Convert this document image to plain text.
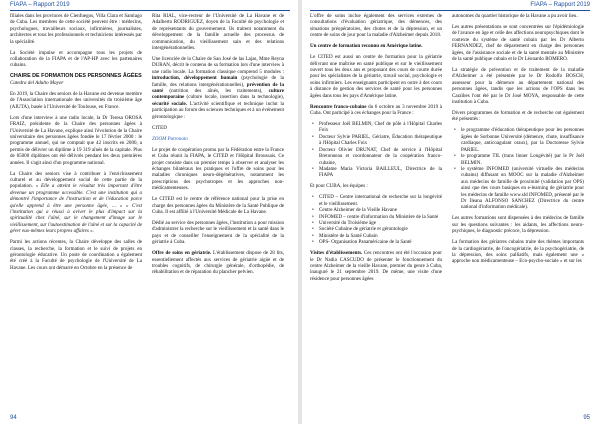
FIAPA – Rapport 2019

filiales dans les provinces de Cienfuegos, Villa Clara et Santiago de Cuba. Les membres de cette société peuvent être : médecins, psychologues, travailleurs sociaux, infirmières, journalistes, architectes et tous les professionnels et techniciens intéressés par la spécialité.

La Société impulse et accompagne tous les projets de collaboration de la FIAPA et de l'AP-HP avec les partenaires cubains.

CHAIRE DE FORMATION DES PERSONNES ÂGÉES
Catedra del Adulto Mayor

En 2019, la Chaire des seniors de la Havane est devenue membre de l'Association internationale des universités du troisième âge (AIUTA), basée à l'Université de Toulouse, en France.

Lors d'une interview à une radio locale, la Dr Teresa OROSA FRAIZ, présidente de la Chaire des personnes âgées à l'Université de La Havane, explique ainsi l'évolution de la Chaire universitaire des personnes âgées fondée le 17 février 2000 : le programme annuel, qui ne comptait que 42 inscrits en 2000, a permis de délivrer un diplôme à 19 319 aînés de la capitale. Plus de 85000 diplômes ont été délivrés pendant les deux premières années. Il s'agit ainsi d'un programme national.

La Chaire des seniors vise à contribuer à l'enrichissement culturel et au développement social de cette partie de la population. « Elle a atteint le résultat très important d'être devenue un programme accessible. C'est une institution qui a démontré l'importance de l'instruction et de l'éducation parce qu'elle apprend à être une personne âgée, … » « C'est l'institution qui a réussi à aviver le plus d'impact sur la spiritualité chez l'aîné, sur le changement d'image sur le vieillissement, sur l'autoestimation de l'aîné et sur la capacité de gérer eux-mêmes leurs propres affaires ».

Parmi les actions récentes, la Chaire développe des salles de classes, la recherche, la formation et le suivi de projets en gérontologie éducative. Un poste de coordination a également été créé à la Faculté de psychologie de l'Université de La Havane. Les cours ont démarré en Octobre en la présence de

Rita RIAL, vice-recteur de l'Université de La Havane et de Adalberto RODRIGUEZ, doyen de la Faculté de psychologie et de représentants du gouvernement. Ils traitent notamment du développement de la famille actuelle des processus de communication, du vieillissement sain et des relations intergénérationnelles.

Une licenciée de la Chaire de San José de las Lajas, Mme Reyna DURAN, décrit le contenu de sa formation lors d'une interview à une radio locale. La formation classique comprend 5 modules : introduction, développement humain (psychologie de la famille, des relations intergénérationnelles), prévention de la santé (nutrition des aînés, les traitements), culture contemporaine (culture locale, insertion dans la technologie), sécurité sociale. L'activité scientifique et technique inclut la participation au forum des sciences techniques et à un événement gérontologique :

CITED

ZOOM Patronato

Le projet de coopération promu par la Fédération entre la France et Cuba réunit la FIAPA, le CITED et l'Hôpital Broussais. Ce projet consiste dans un premier temps à observer et analyser les échanges bilatéraux les pratiques et l'offre de soins pour les maladies chroniques neuro-dégénératives, notamment les prescriptions des psychotropes et les approches non-médicamenteuses.

Le CITED est le centre de référence national pour la prise en charge des personnes âgées du Ministère de la Santé Publique de Cuba. Il est affilié à l'Université Médicale de La Havane.

Dédié au service des personnes âgées, l'institution a pour mission d'administrer la recherche sur le vieillissement et la santé dans le pays et de conseiller l'enseignement de la spécialité de la gériatrie à Cuba.

Offre de soins en gériatrie. L'établissement dispose de 28 lits, essentiellement affectés aux services de gériatrie aigüe et de troubles cognitifs, de chirurgie générale, d'orthopédie, de réhabilitation et de réparation du plancher pelvien.

94
FIAPA – Rapport 2019

L'offre de soins inclue également des services externes de consultations d'évaluation gériatrique, des démences, des situations préopératoires, des chutes et de la dépression, et un centre de soins de jour pour la maladie d'Alzheimer depuis 2018.

Un centre de formation reconnu en Amérique latine.

Le CITED est aussi un centre de formation pour la gériatrie délivrant une maîtrise en santé publique et sur le vieillissement ouvert tous les deux ans et proposant des cours de courte durée pour les spécialistes de la gériatrie, travail social, psychologie et soins infirmiers. Les enseignants participent en outre à des cours à distance de gestion des services de santé pour les personnes âgées dans tous les pays d'Amérique latine.

Rencontre franco-cubaine du 6 octobre au 3 novembre 2019 à Cuba. Ont participé à ces échanges pour la France :

• Professeur Joël BELMIN, Chef de pôle à l'Hôpital Charles Foix
• Docteur Sylvie PARIEL, Gériatre, Éducation thérapeutique à l'Hôpital Charles Foix
• Docteur Olivier DRUNAT, Chef de service à l'Hôpital Bretonneau et coordonnateur de la coopération franco-cubaine,
• Madame Maria Victoria BAILLEUL, Directrice de la FIAPA

Et pour CUBA, les équipes :

• CITED – Centre international de recherche sur la longévité et le vieillissement.
• Centre Alzheimer de la Vieille Havane
• INFOMED – centre d'information du Ministère de la Santé
• Université du Troisième âge
• Société Cubaine de gériatrie et gérontologie
• Ministère de la Santé Cubain
• OPS- Organisation Panaméricaine de la Santé

Visites d'établissements. Ces rencontres ont été l'occasion pour le Dr Nadia CASCUDO de présenter le fonctionnement du centre Alzheimer de la vieille Havane, premier du genre à Cuba, inauguré le 21 septembre 2019. De même, une visite d'une résidence pour personnes âgées

autonomes du quartier historique de la Havane a pu avoir lieu.

Les autres présentations se sont concentrées sur l'épidémiologie de l'avance en âge et celle des affections neuropsychiques dont le contexte du système de santé cubain par les Dr Alberto FERNANDEZ, chef de département en charge des personnes âgées, de l'assistance sociale et de la santé mentale au Ministère de la santé publique cubain et le Dr Léonardo ROMERO.

La stratégie de prévention et de traitement de la maladie d'Alzheimer a été présentée par le Dr Rodolfo BOSCH, assesseur pour la démence au département national des personnes âgées, tandis que les actions de l'OPS dans les Caraïbes l'ont été par le Dr José MOYA, responsable de cette institution à Cuba.

Divers programmes de formation et de recherche ont également été présentés :

• le programme d'éducation thérapeutique pour les personnes âgées de Sorbonne Université (démence, chute, insuffisance cardiaque, anticoagulant oraux), par la Doctoresse Sylvie PARIEL.
• le programme TIL (trans linner Longévité) par le Pr Joël BELMIN.
• le système INFOMED (université virtuelle des médecins cubains) diffusant un MOOC sur la maladie d'Alzheimer aux médecins de famille de proximité (validation par OPS) ainsi que des cours basiques en e-learning de gériatrie pour les médecins de famille www.sld INFOMED, présenté par le Dr Ileana ALFONSO SANCHEZ (Directrice du centre national d'information médicale).

Les autres formations sont dispensées à des médecins de famille sur les questions suivantes : les aidants, les affections neuro-psychiques, le diagnostic précoce, la dépression.

La formation des gériatres cubains traite des thèmes importants de la cardiogériatrie, de l'oncogériatrie, de la psychogériatrie, de la dépression, des soins palliatifs, mais également une « approche non médicamenteuse – Eco-psycho-sociale » et sur les

95
